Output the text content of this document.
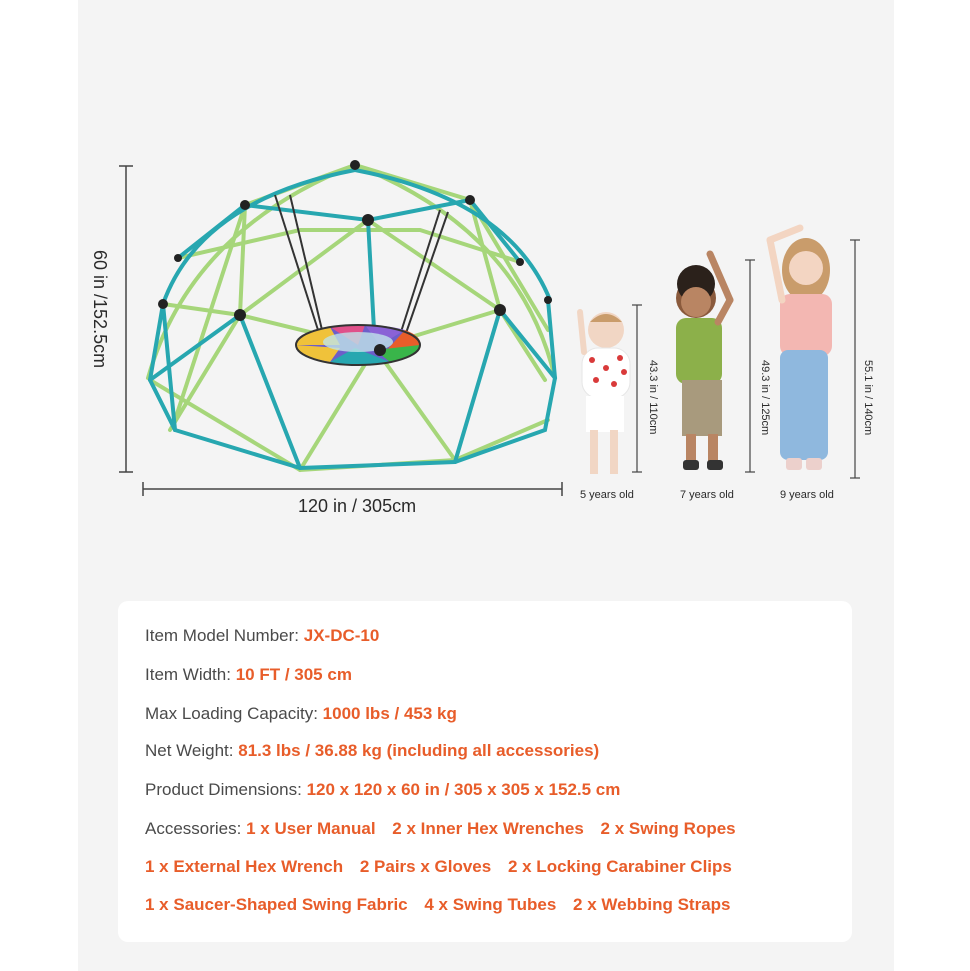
60 in /152.5cm
120 in / 305cm
43.3 in / 110cm	49.3 in / 125cm	55.1 in / 140cm
5 years old	7 years old	9 years old
Item Model Number: JX-DC-10
Item Width: 10 FT / 305 cm
Max Loading Capacity: 1000 lbs / 453 kg
Net Weight: 81.3 lbs / 36.88 kg (including all accessories)
Product Dimensions: 120 x 120 x 60 in / 305 x 305 x 152.5 cm
Accessories: 1 x User Manual 2 x Inner Hex Wrenches 2 x Swing Ropes
1 x External Hex Wrench 2 Pairs x Gloves 2 x Locking Carabiner Clips
1 x Saucer-Shaped Swing Fabric 4 x Swing Tubes 2 x Webbing Straps
